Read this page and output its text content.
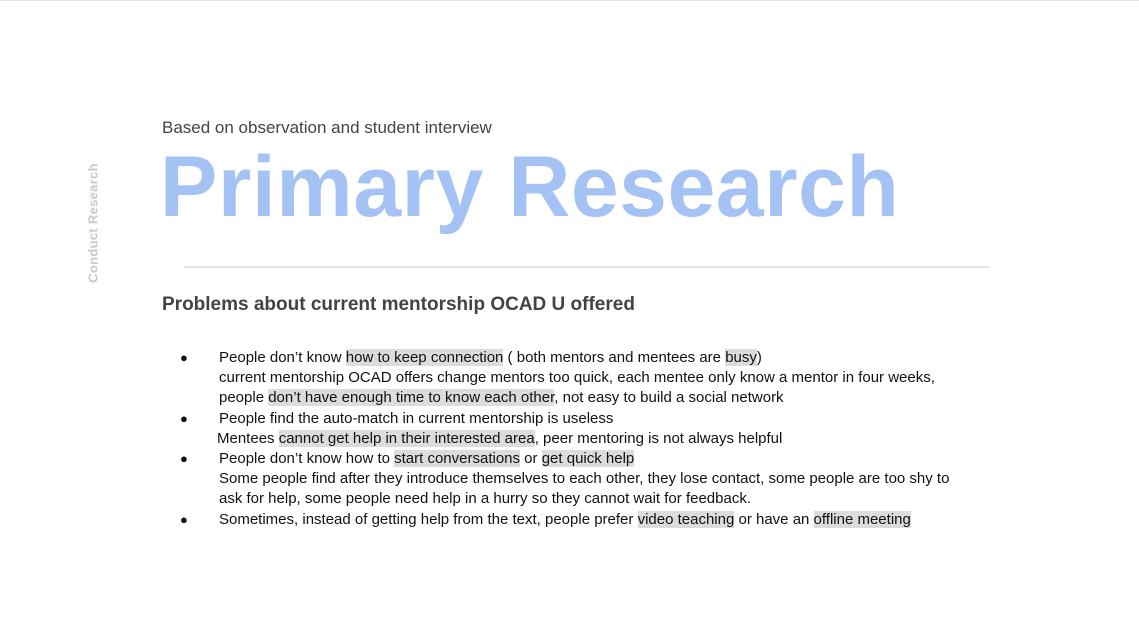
Conduct Research
Based on observation and student interview
Primary Research
Problems about current mentorship OCAD U offered
● People don’t know how to keep connection ( both mentors and mentees are busy)
current mentorship OCAD offers change mentors too quick, each mentee only know a mentor in four weeks,
people don’t have enough time to know each other, not easy to build a social network
● People find the auto-match in current mentorship is useless
Mentees cannot get help in their interested area, peer mentoring is not always helpful
● People don’t know how to start conversations or get quick help
Some people find after they introduce themselves to each other, they lose contact, some people are too shy to
ask for help, some people need help in a hurry so they cannot wait for feedback.
● Sometimes, instead of getting help from the text, people prefer video teaching or have an offline meeting
